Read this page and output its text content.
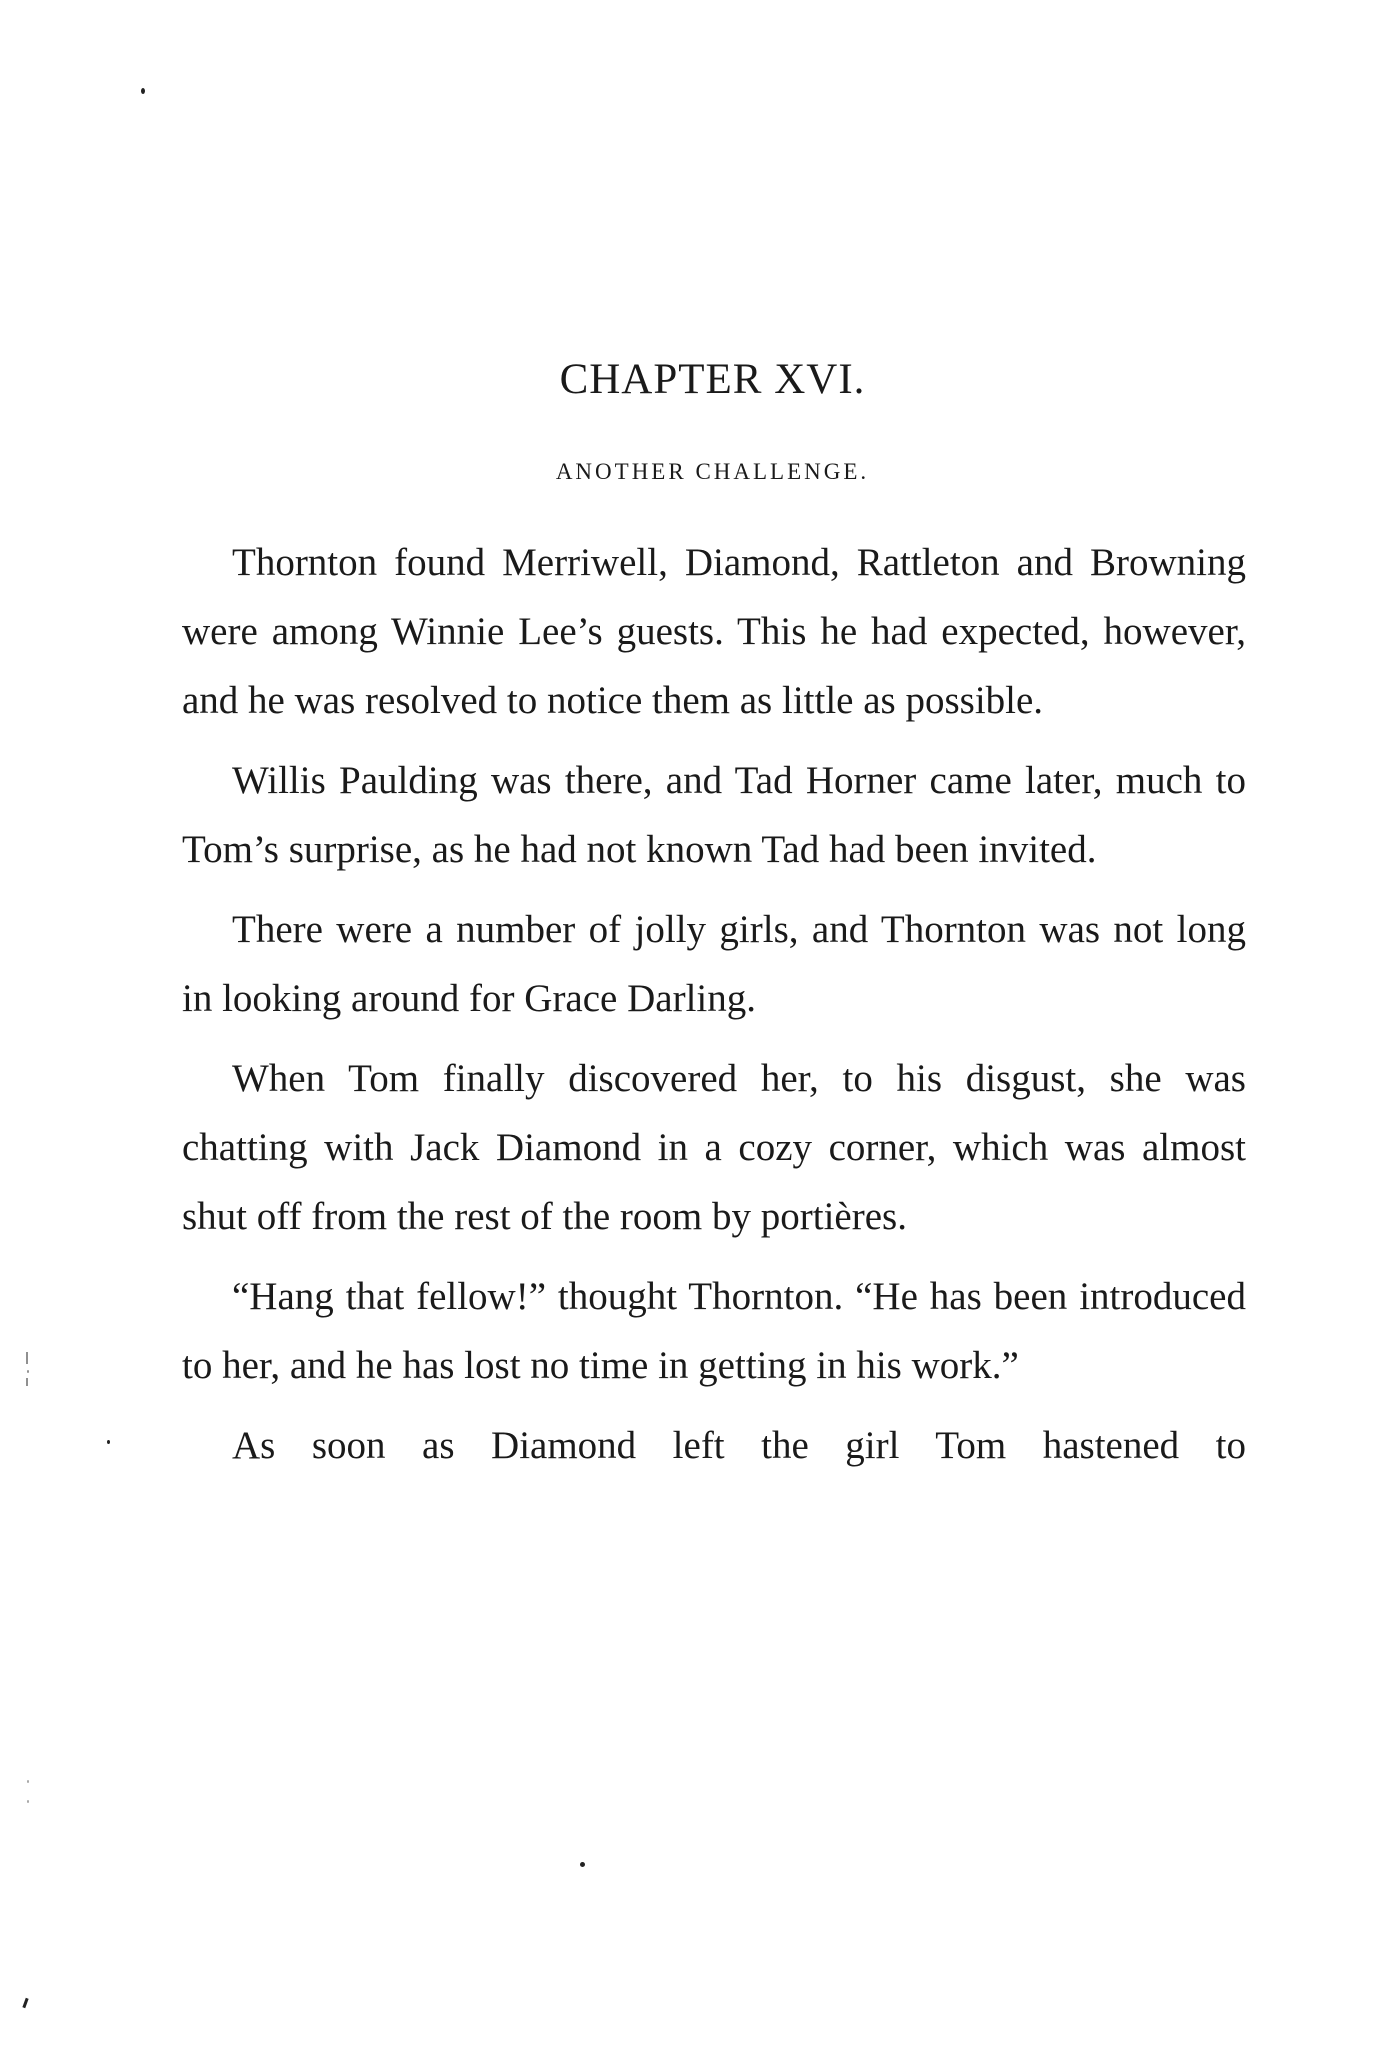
CHAPTER XVI.
ANOTHER CHALLENGE.

Thornton found Merriwell, Diamond, Rattleton and Browning were among Winnie Lee’s guests. This he had expected, however, and he was resolved to notice them as little as possible.

Willis Paulding was there, and Tad Horner came later, much to Tom’s surprise, as he had not known Tad had been invited.

There were a number of jolly girls, and Thornton was not long in looking around for Grace Darling.

When Tom finally discovered her, to his disgust, she was chatting with Jack Diamond in a cozy corner, which was almost shut off from the rest of the room by portières.

“Hang that fellow!” thought Thornton. “He has been introduced to her, and he has lost no time in getting in his work.”

As soon as Diamond left the girl Tom hastened to
